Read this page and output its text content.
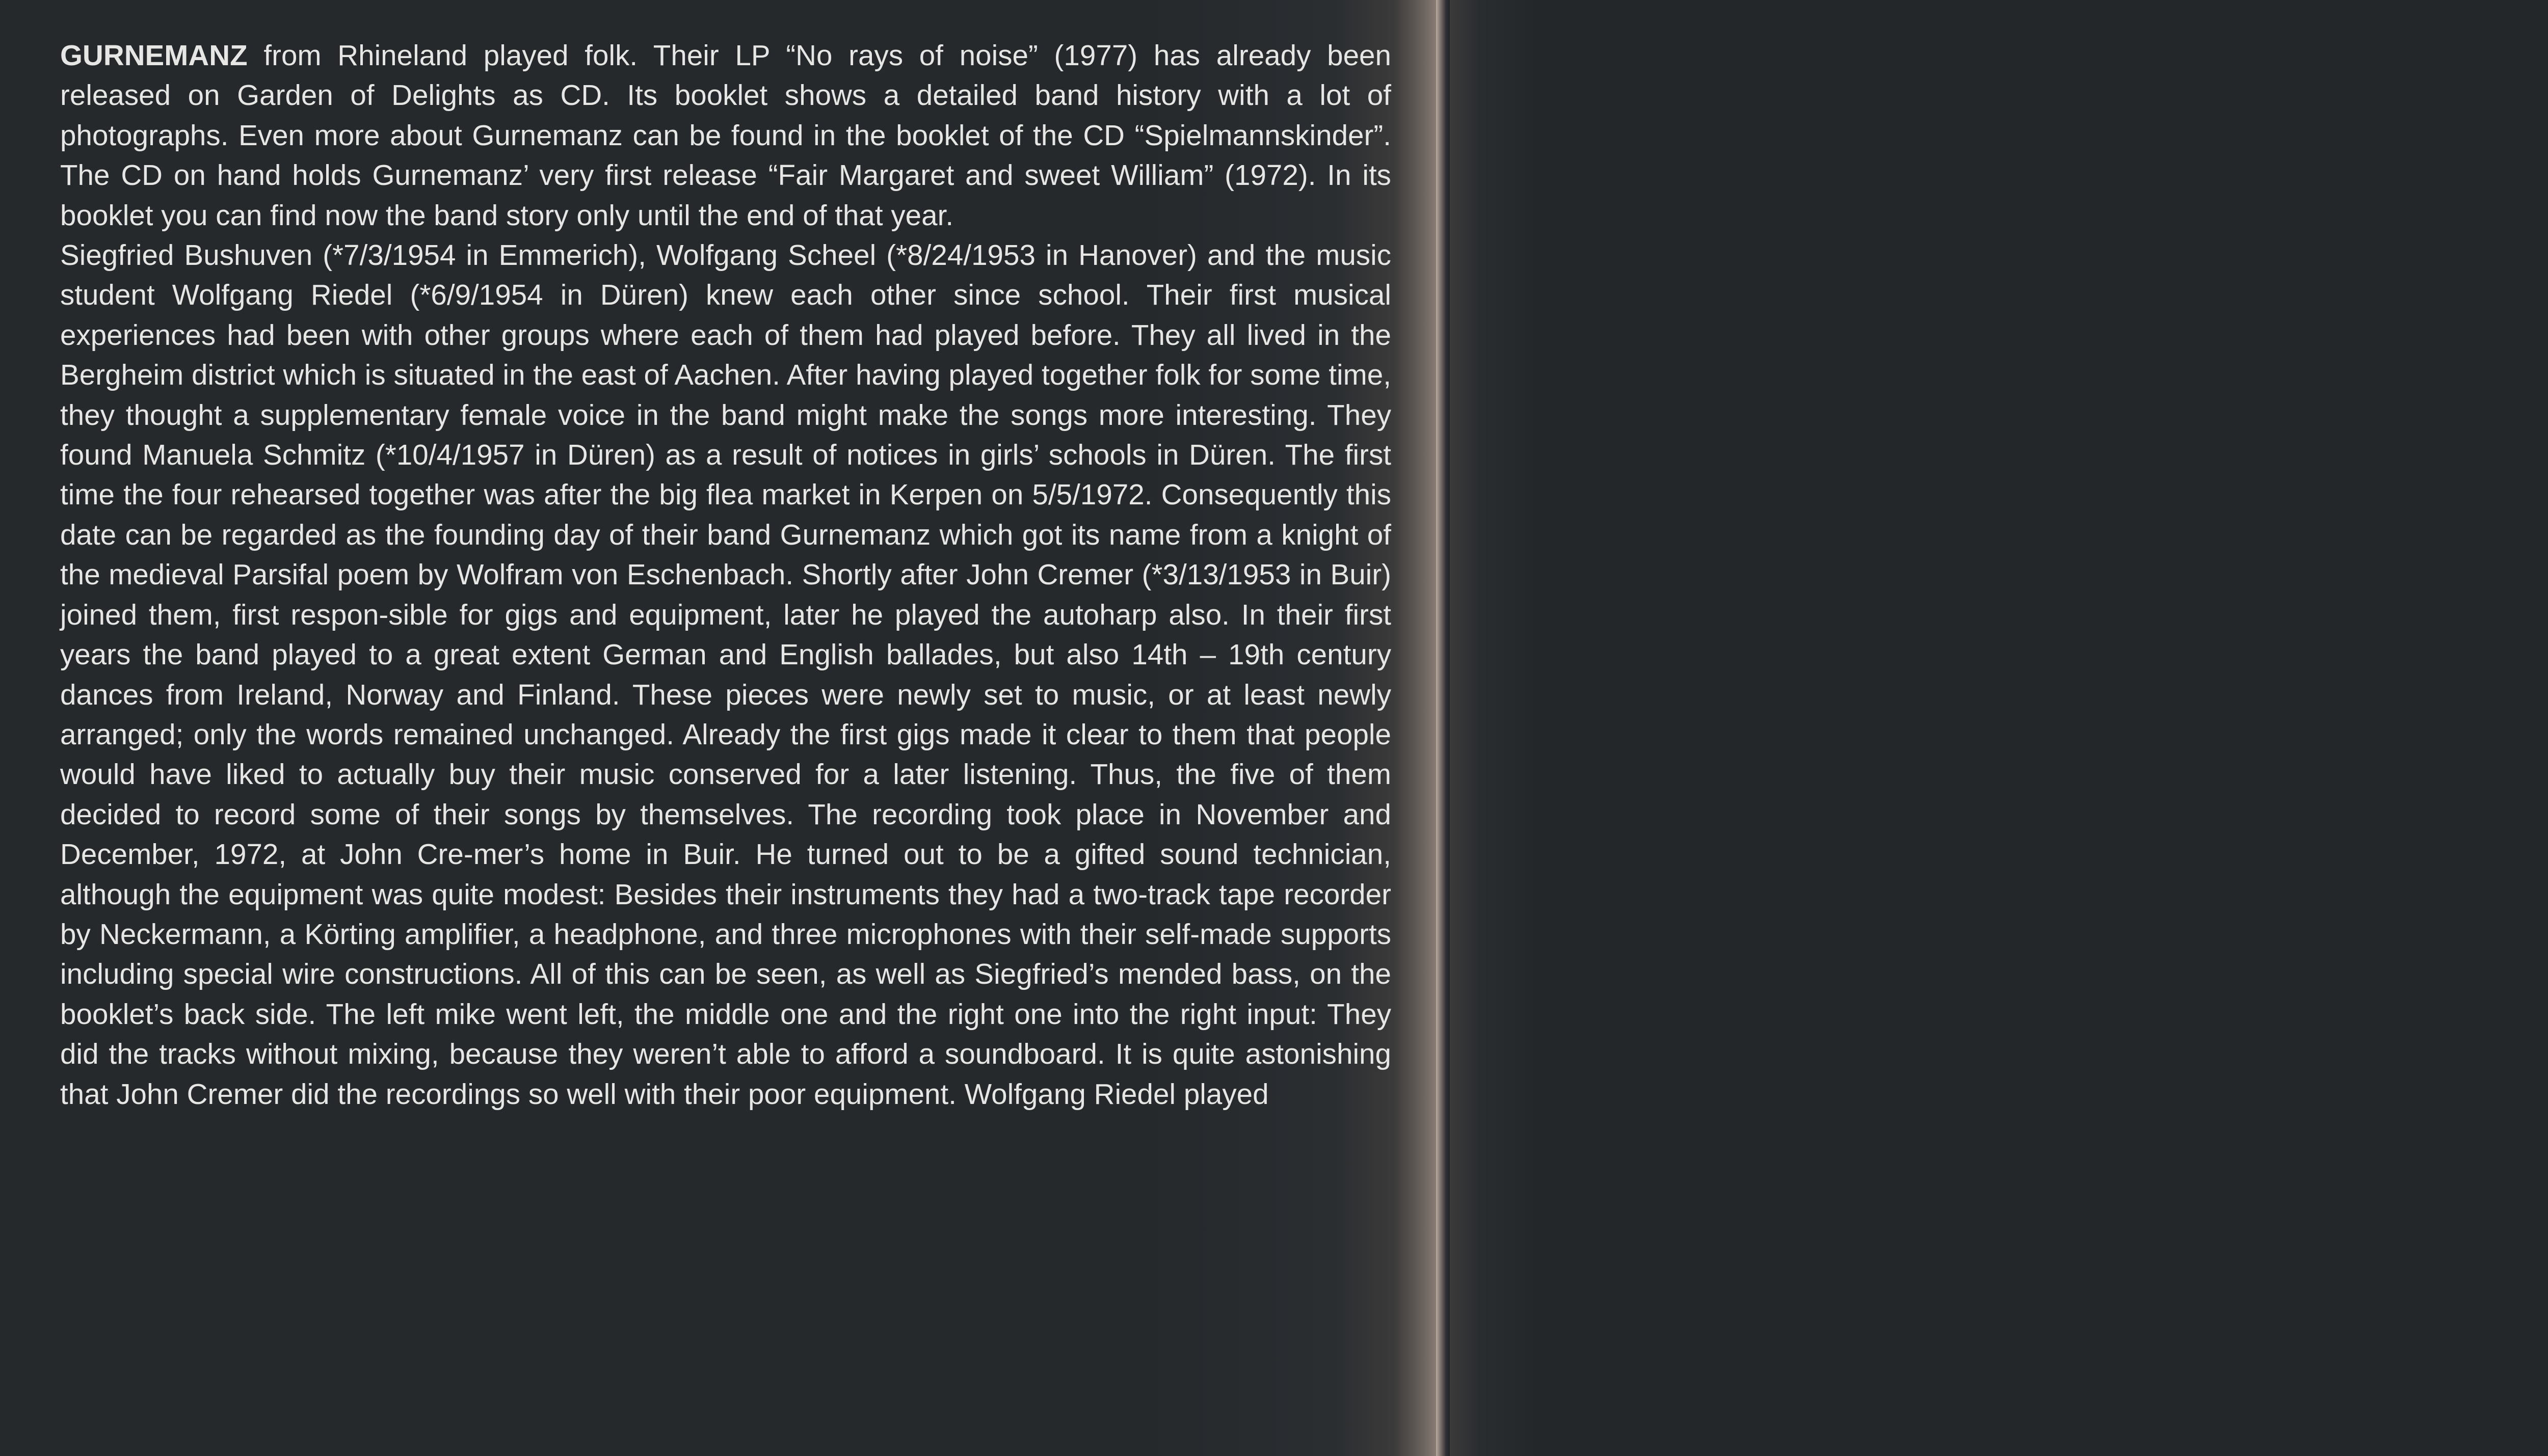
GURNEMANZ from Rhineland played folk. Their LP “No rays of noise” (1977) has already been released on Garden of Delights as CD. Its booklet shows a detailed band history with a lot of photographs. Even more about Gurnemanz can be found in the booklet of the CD “Spielmannskinder”. The CD on hand holds Gurnemanz’ very first release “Fair Margaret and sweet William” (1972). In its booklet you can find now the band story only until the end of that year.

Siegfried Bushuven (*7/3/1954 in Emmerich), Wolfgang Scheel (*8/24/1953 in Hanover) and the music student Wolfgang Riedel (*6/9/1954 in Düren) knew each other since school. Their first musical experiences had been with other groups where each of them had played before. They all lived in the Bergheim district which is situated in the east of Aachen. After having played together folk for some time, they thought a supplementary female voice in the band might make the songs more interesting. They found Manuela Schmitz (*10/4/1957 in Düren) as a result of notices in girls’ schools in Düren. The first time the four rehearsed together was after the big flea market in Kerpen on 5/5/1972. Consequently this date can be regarded as the founding day of their band Gurnemanz which got its name from a knight of the medieval Parsifal poem by Wolfram von Eschenbach. Shortly after John Cremer (*3/13/1953 in Buir) joined them, first respon-sible for gigs and equipment, later he played the autoharp also. In their first years the band played to a great extent German and English ballades, but also 14th – 19th century dances from Ireland, Norway and Finland. These pieces were newly set to music, or at least newly arranged; only the words remained unchanged. Already the first gigs made it clear to them that people would have liked to actually buy their music conserved for a later listening. Thus, the five of them decided to record some of their songs by themselves. The recording took place in November and December, 1972, at John Cre-mer’s home in Buir. He turned out to be a gifted sound technician, although the equipment was quite modest: Besides their instruments they had a two-track tape recorder by Neckermann, a Körting amplifier, a headphone, and three microphones with their self-made supports including special wire constructions. All of this can be seen, as well as Siegfried’s mended bass, on the booklet’s back side. The left mike went left, the middle one and the right one into the right input: They did the tracks without mixing, because they weren’t able to afford a soundboard. It is quite astonishing that John Cremer did the recordings so well with their poor equipment. Wolfgang Riedel played
